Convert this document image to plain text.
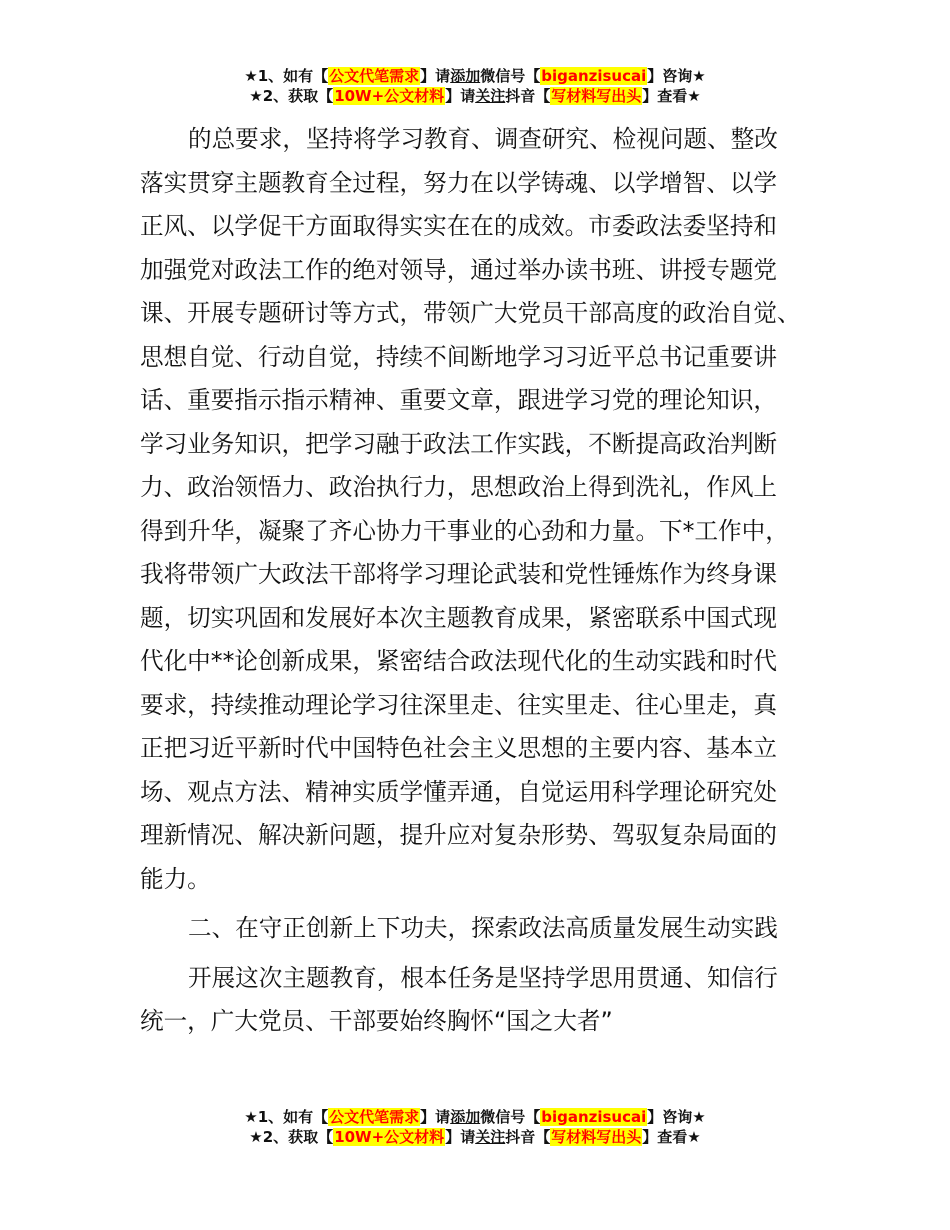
★1、如有【公文代笔需求】请添加微信号【biganzisucai】咨询★
★2、获取【10W+公文材料】请关注抖音【写材料写出头】查看★
的总要求，坚持将学习教育、调查研究、检视问题、整改
落实贯穿主题教育全过程，努力在以学铸魂、以学增智、以学
正风、以学促干方面取得实实在在的成效。市委政法委坚持和
加强党对政法工作的绝对领导，通过举办读书班、讲授专题党
课、开展专题研讨等方式，带领广大党员干部高度的政治自觉、
思想自觉、行动自觉，持续不间断地学习习近平总书记重要讲
话、重要指示指示精神、重要文章，跟进学习党的理论知识，
学习业务知识，把学习融于政法工作实践，不断提高政治判断
力、政治领悟力、政治执行力，思想政治上得到洗礼，作风上
得到升华，凝聚了齐心协力干事业的心劲和力量。下*工作中，
我将带领广大政法干部将学习理论武装和党性锤炼作为终身课
题，切实巩固和发展好本次主题教育成果，紧密联系中国式现
代化中**论创新成果，紧密结合政法现代化的生动实践和时代
要求，持续推动理论学习往深里走、往实里走、往心里走，真
正把习近平新时代中国特色社会主义思想的主要内容、基本立
场、观点方法、精神实质学懂弄通，自觉运用科学理论研究处
理新情况、解决新问题，提升应对复杂形势、驾驭复杂局面的
能力。
二、在守正创新上下功夫，探索政法高质量发展生动实践
开展这次主题教育，根本任务是坚持学思用贯通、知信行
统一，广大党员、干部要始终胸怀“国之大者”
★1、如有【公文代笔需求】请添加微信号【biganzisucai】咨询★
★2、获取【10W+公文材料】请关注抖音【写材料写出头】查看★
